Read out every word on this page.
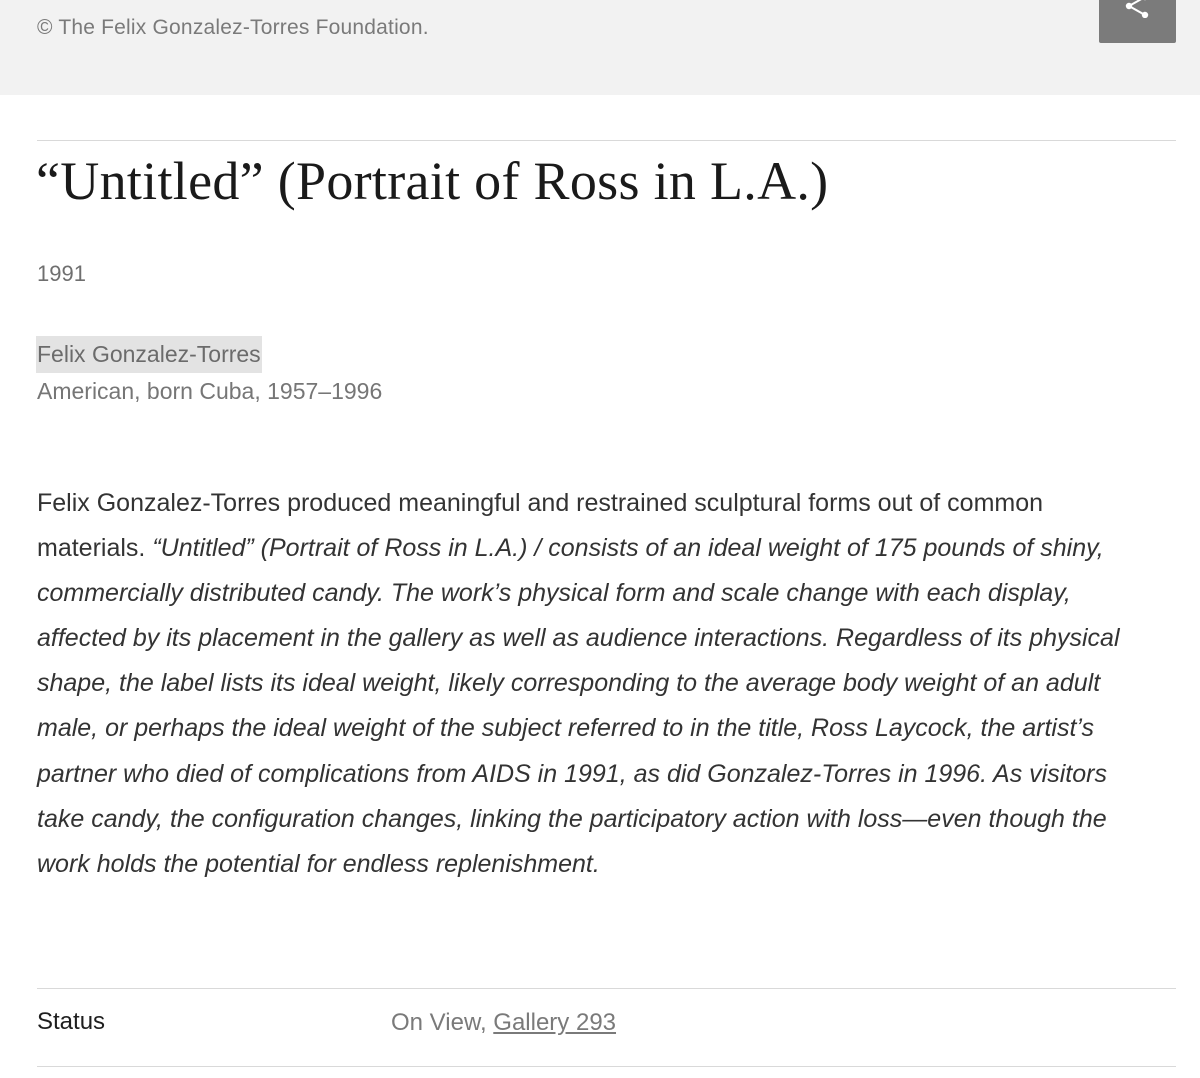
© The Felix Gonzalez-Torres Foundation.
“Untitled” (Portrait of Ross in L.A.)
1991
Felix Gonzalez-Torres
American, born Cuba, 1957–1996

Felix Gonzalez-Torres produced meaningful and restrained sculptural forms out of common materials. “Untitled” (Portrait of Ross in L.A.) / consists of an ideal weight of 175 pounds of shiny, commercially distributed candy. The work’s physical form and scale change with each display, affected by its placement in the gallery as well as audience interactions. Regardless of its physical shape, the label lists its ideal weight, likely corresponding to the average body weight of an adult male, or perhaps the ideal weight of the subject referred to in the title, Ross Laycock, the artist’s partner who died of complications from AIDS in 1991, as did Gonzalez-Torres in 1996. As visitors take candy, the configuration changes, linking the participatory action with loss—even though the work holds the potential for endless replenishment.

Status	On View, Gallery 293
